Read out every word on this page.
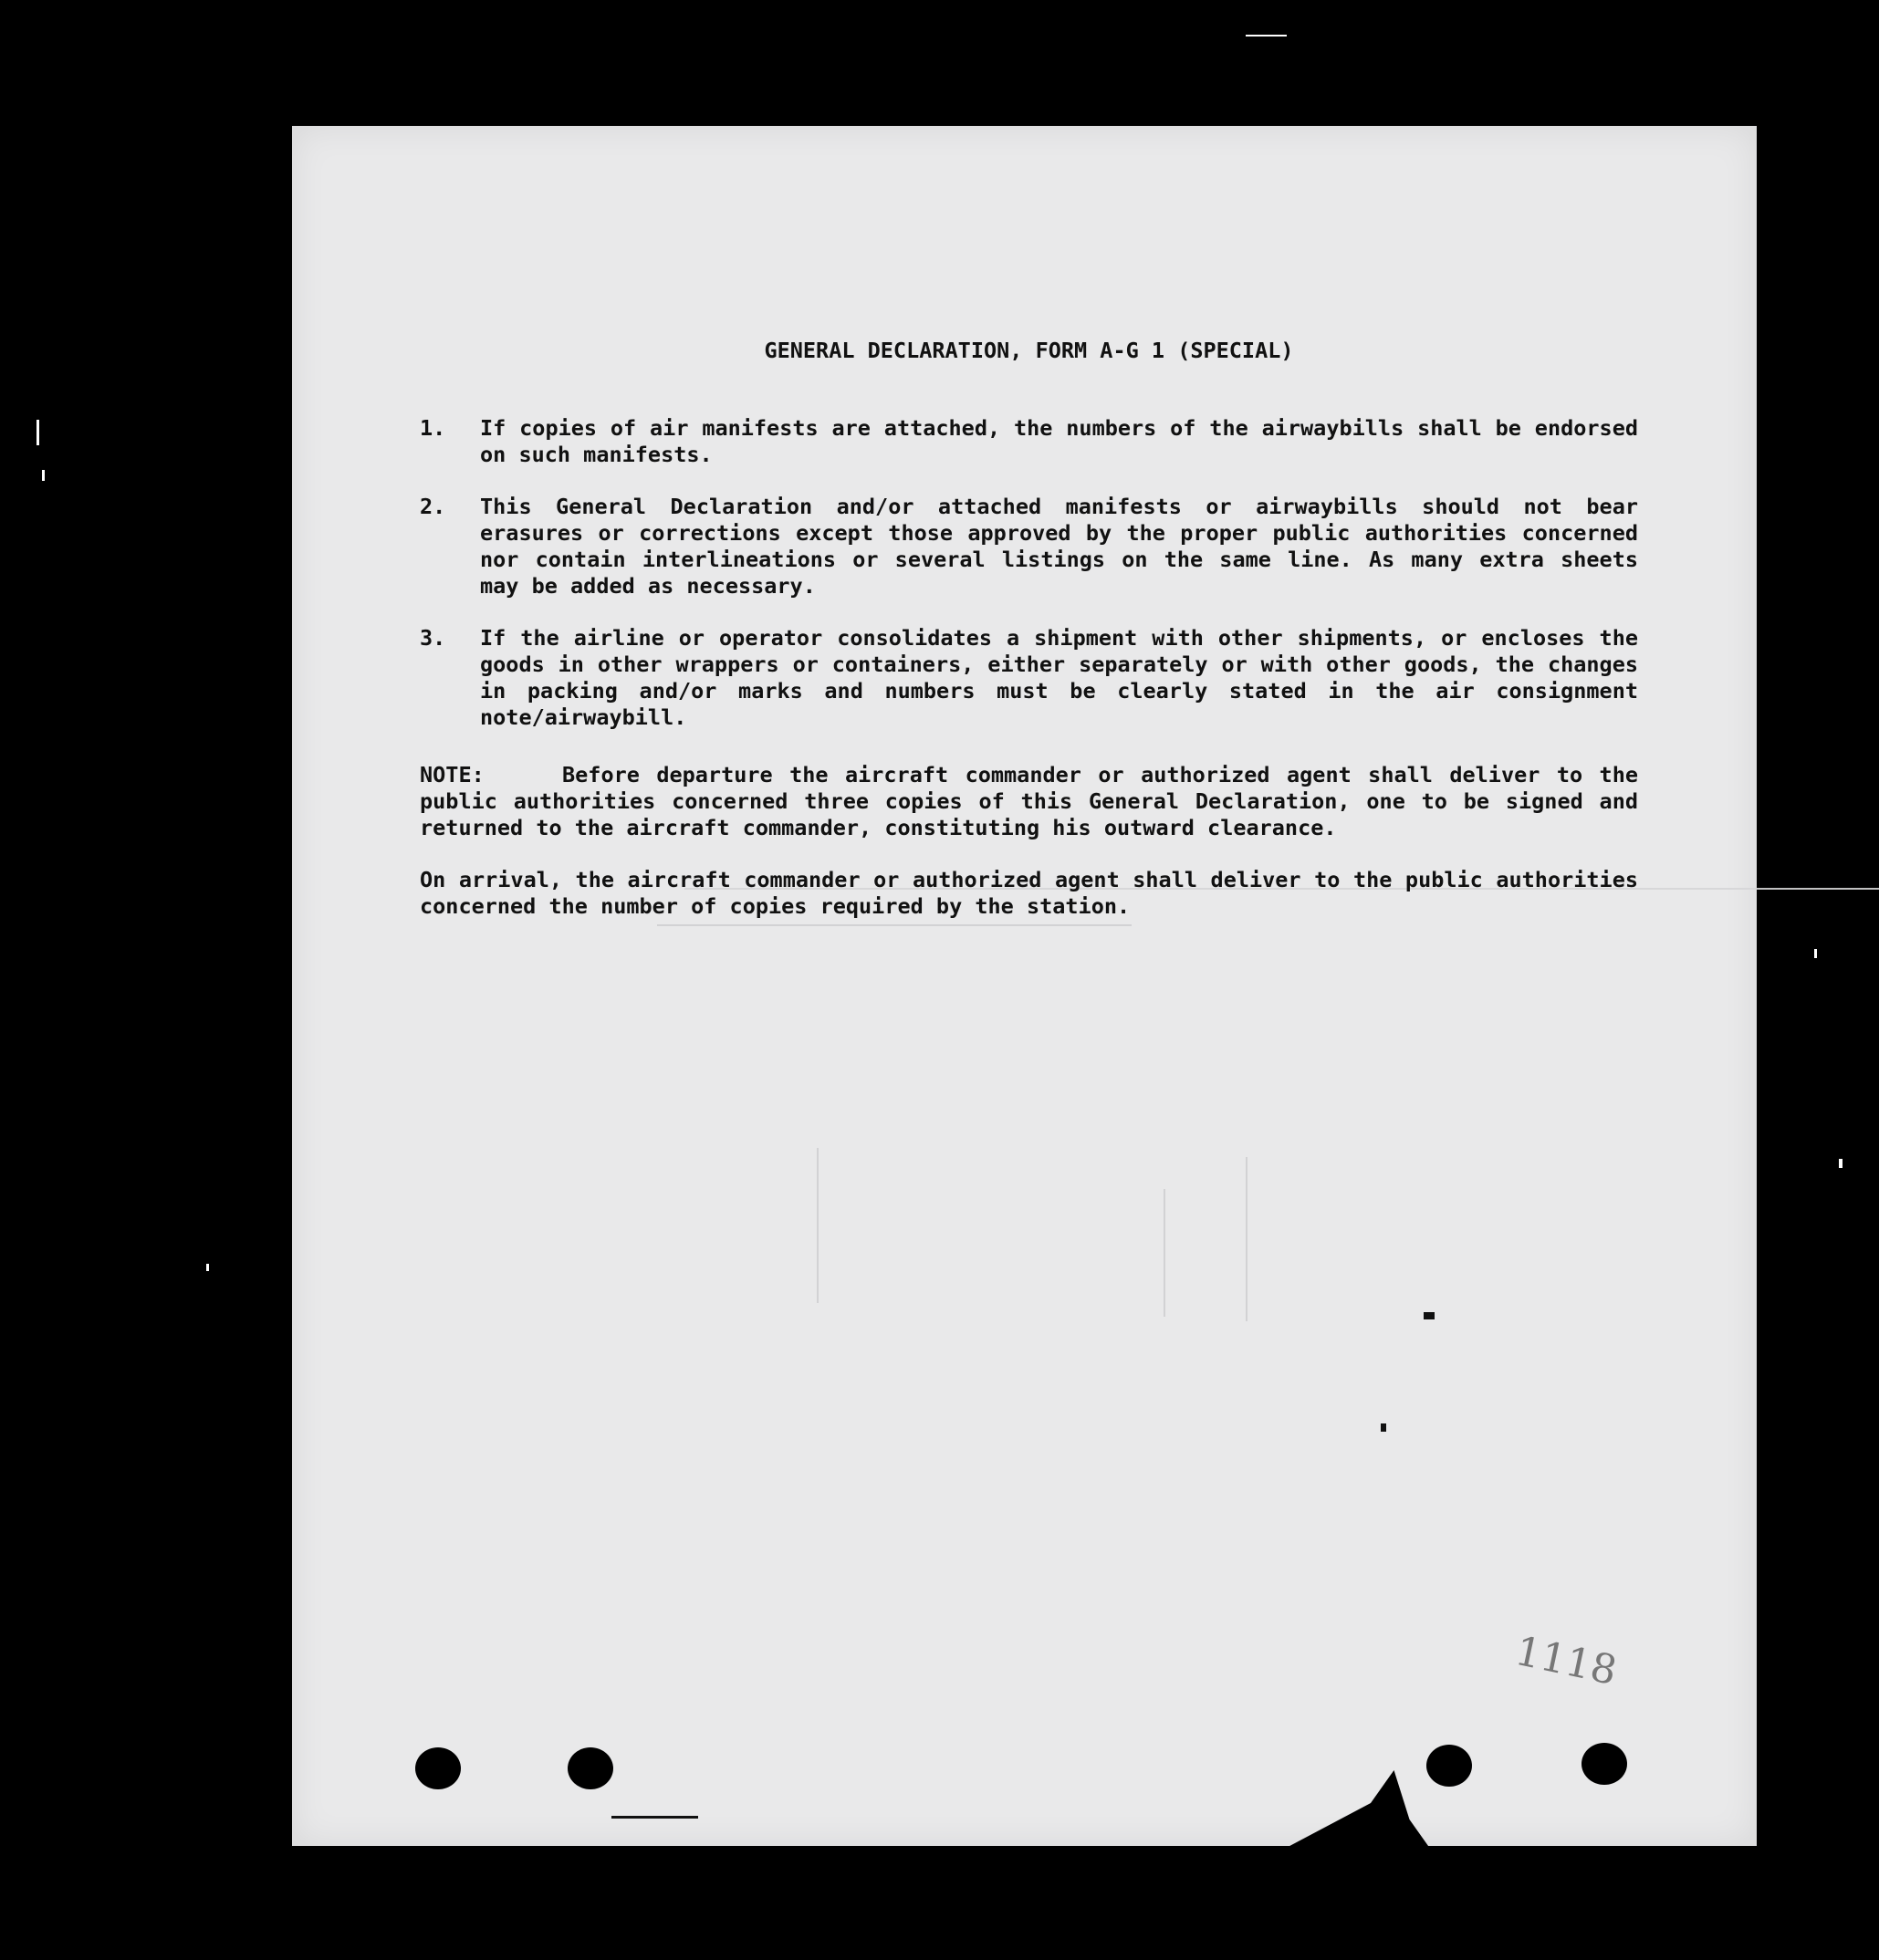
GENERAL DECLARATION, FORM A-G 1 (SPECIAL)
1.	If copies of air manifests are attached, the numbers of the airwaybills shall be endorsed on such manifests.
2.	This General Declaration and/or attached manifests or airwaybills should not bear erasures or corrections except those approved by the proper public authorities concerned nor contain interlineations or several listings on the same line. As many extra sheets may be added as necessary.
3.	If the airline or operator consolidates a shipment with other shipments, or encloses the goods in other wrappers or containers, either separately or with other goods, the changes in packing and/or marks and numbers must be clearly stated in the air consignment note/airwaybill.
NOTE:	Before departure the aircraft commander or authorized agent shall deliver to the public authorities concerned three copies of this General Declaration, one to be signed and returned to the aircraft commander, constituting his outward clearance.
On arrival, the aircraft commander or authorized agent shall deliver to the public authorities concerned the number of copies required by the station.
1118
